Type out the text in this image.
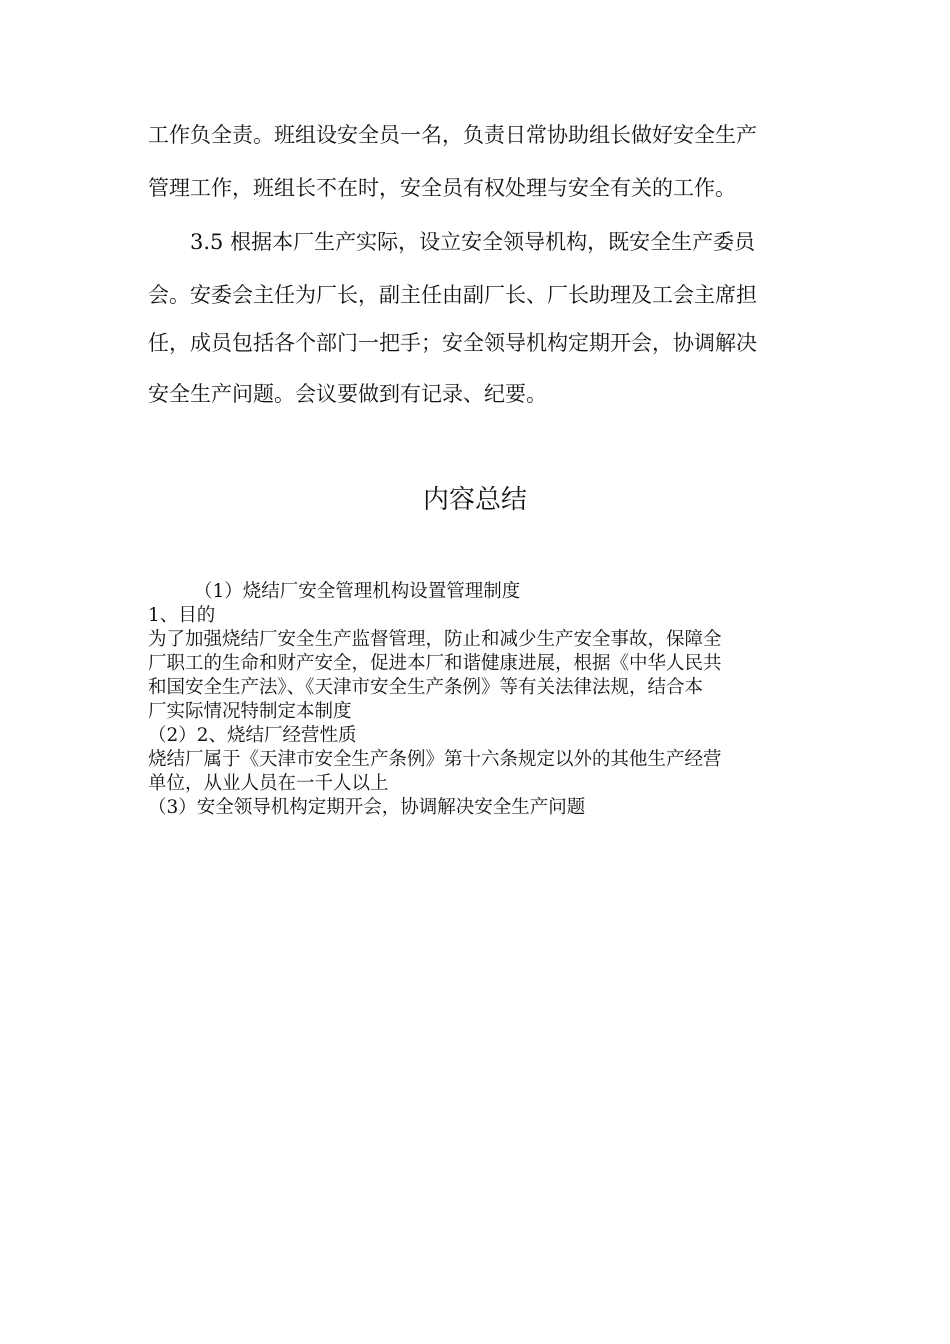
工作负全责。班组设安全员一名，负责日常协助组长做好安全生产
管理工作，班组长不在时，安全员有权处理与安全有关的工作。
3.5 根据本厂生产实际，设立安全领导机构，既安全生产委员
会。安委会主任为厂长，副主任由副厂长、厂长助理及工会主席担
任，成员包括各个部门一把手；安全领导机构定期开会，协调解决
安全生产问题。会议要做到有记录、纪要。
内容总结
（1）烧结厂安全管理机构设置管理制度
1、目的
为了加强烧结厂安全生产监督管理，防止和减少生产安全事故，保障全
厂职工的生命和财产安全，促进本厂和谐健康进展，根据《中华人民共
和国安全生产法》、《天津市安全生产条例》等有关法律法规，结合本
厂实际情况特制定本制度
（2）2、烧结厂经营性质
烧结厂属于《天津市安全生产条例》第十六条规定以外的其他生产经营
单位，从业人员在一千人以上
（3）安全领导机构定期开会，协调解决安全生产问题
